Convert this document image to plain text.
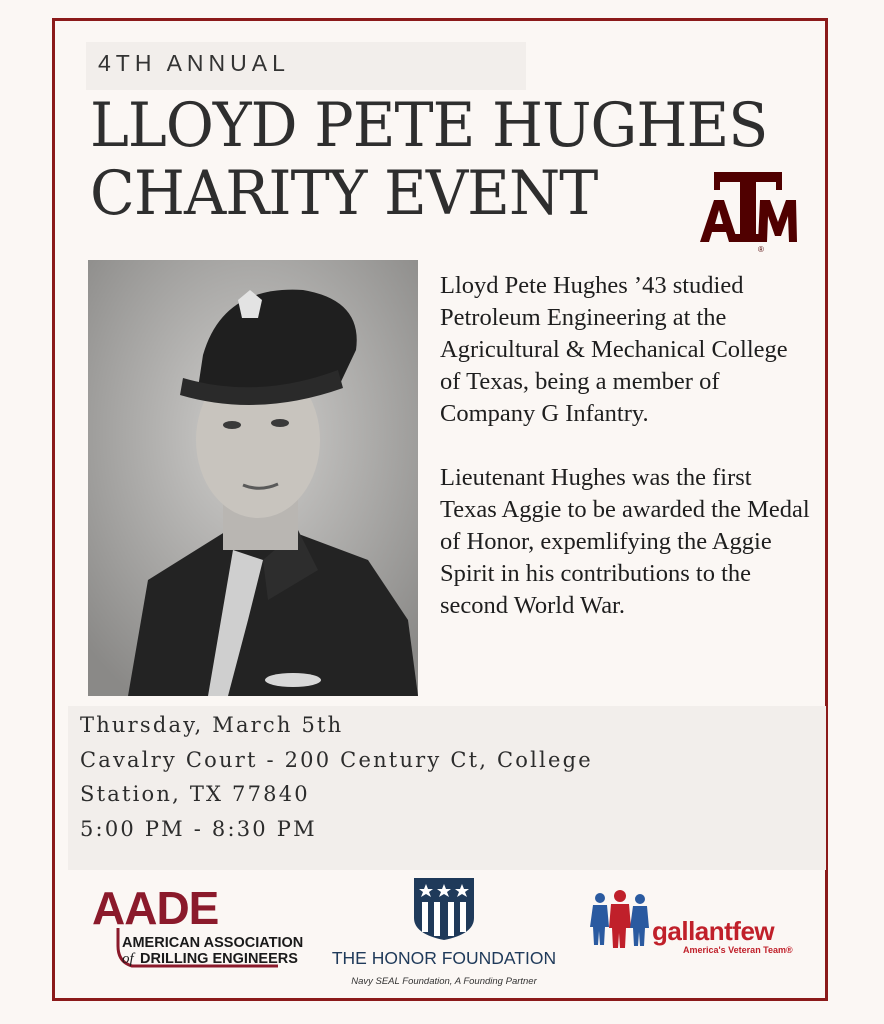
4TH ANNUAL
LLOYD PETE HUGHES
CHARITY EVENT
®

Lloyd Pete Hughes ’43 studied Petroleum Engineering at the Agricultural & Mechanical College of Texas, being a member of Company G Infantry.

Lieutenant Hughes was the first Texas Aggie to be awarded the Medal of Honor, expemlifying the Aggie Spirit in his contributions to the second World War.

Thursday, March 5th
Cavalry Court - 200 Century Ct, College
Station, TX 77840
5:00 PM - 8:30 PM
AADE
AMERICAN ASSOCIATION
of DRILLING ENGINEERS THE HONOR FOUNDATION
Navy SEAL Foundation, A Founding Partner
gallantfew
America's Veteran Team®
